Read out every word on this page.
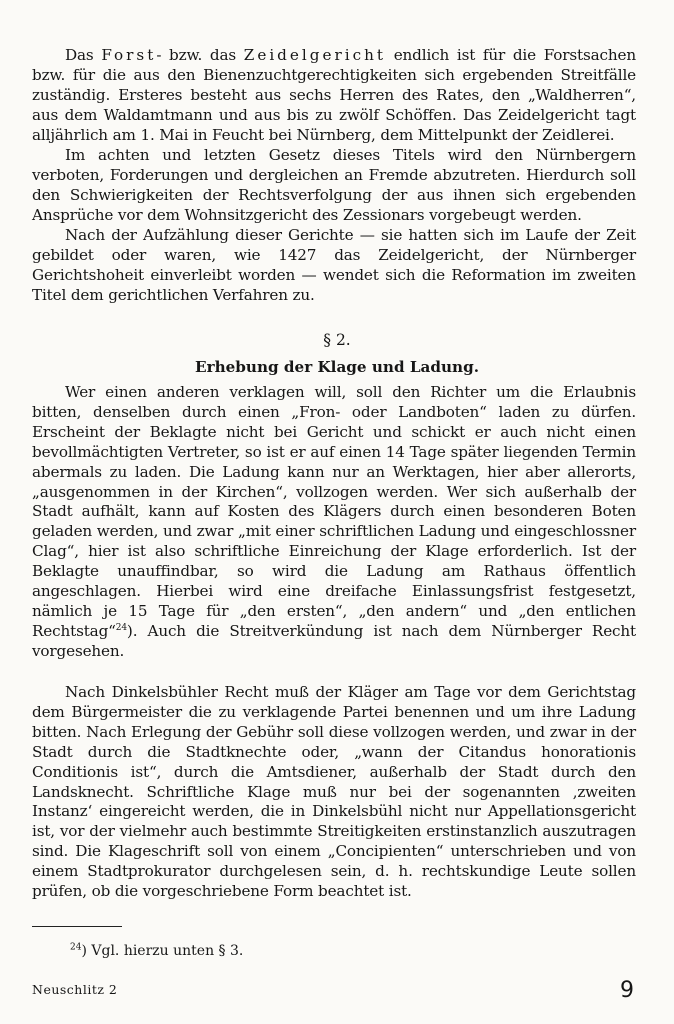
Das Forst- bzw. das Zeidelgericht endlich ist für die Forstsachen bzw. für die aus den Bienenzuchtgerechtigkeiten sich ergebenden Streitfälle zuständig. Ersteres besteht aus sechs Herren des Rates, den „Waldherren“, aus dem Waldamtmann und aus bis zu zwölf Schöffen. Das Zeidelgericht tagt alljährlich am 1. Mai in Feucht bei Nürnberg, dem Mittelpunkt der Zeidlerei.

Im achten und letzten Gesetz dieses Titels wird den Nürnbergern verboten, Forderungen und dergleichen an Fremde abzutreten. Hierdurch soll den Schwierigkeiten der Rechtsverfolgung der aus ihnen sich ergebenden Ansprüche vor dem Wohnsitzgericht des Zessionars vorgebeugt werden.

Nach der Aufzählung dieser Gerichte — sie hatten sich im Laufe der Zeit gebildet oder waren, wie 1427 das Zeidelgericht, der Nürnberger Gerichtshoheit einverleibt worden — wendet sich die Reformation im zweiten Titel dem gerichtlichen Verfahren zu.

§ 2.
Erhebung der Klage und Ladung.

Wer einen anderen verklagen will, soll den Richter um die Erlaubnis bitten, denselben durch einen „Fron- oder Landboten“ laden zu dürfen. Erscheint der Beklagte nicht bei Gericht und schickt er auch nicht einen bevollmächtigten Vertreter, so ist er auf einen 14 Tage später liegenden Termin abermals zu laden. Die Ladung kann nur an Werktagen, hier aber allerorts, „ausgenommen in der Kirchen“, vollzogen werden. Wer sich außerhalb der Stadt aufhält, kann auf Kosten des Klägers durch einen besonderen Boten geladen werden, und zwar „mit einer schriftlichen Ladung und eingeschlossner Clag“, hier ist also schriftliche Einreichung der Klage erforderlich. Ist der Beklagte unauffindbar, so wird die Ladung am Rathaus öffentlich angeschlagen. Hierbei wird eine dreifache Einlassungsfrist festgesetzt, nämlich je 15 Tage für „den ersten“, „den andern“ und „den entlichen Rechtstag“$^{24}$). Auch die Streitverkündung ist nach dem Nürnberger Recht vorgesehen.

Nach Dinkelsbühler Recht muß der Kläger am Tage vor dem Gerichtstag dem Bürgermeister die zu verklagende Partei benennen und um ihre Ladung bitten. Nach Erlegung der Gebühr soll diese vollzogen werden, und zwar in der Stadt durch die Stadtknechte oder, „wann der Citandus honorationis Conditionis ist“, durch die Amtsdiener, außerhalb der Stadt durch den Landsknecht. Schriftliche Klage muß nur bei der sogenannten ‚zweiten Instanz‘ eingereicht werden, die in Dinkelsbühl nicht nur Appellationsgericht ist, vor der vielmehr auch bestimmte Streitigkeiten erstinstanzlich auszutragen sind. Die Klageschrift soll von einem „Concipienten“ unterschrieben und von einem Stadtprokurator durchgelesen sein, d. h. rechtskundige Leute sollen prüfen, ob die vorgeschriebene Form beachtet ist.

$^{24}$) Vgl. hierzu unten § 3.
Neuschlitz 2	9
